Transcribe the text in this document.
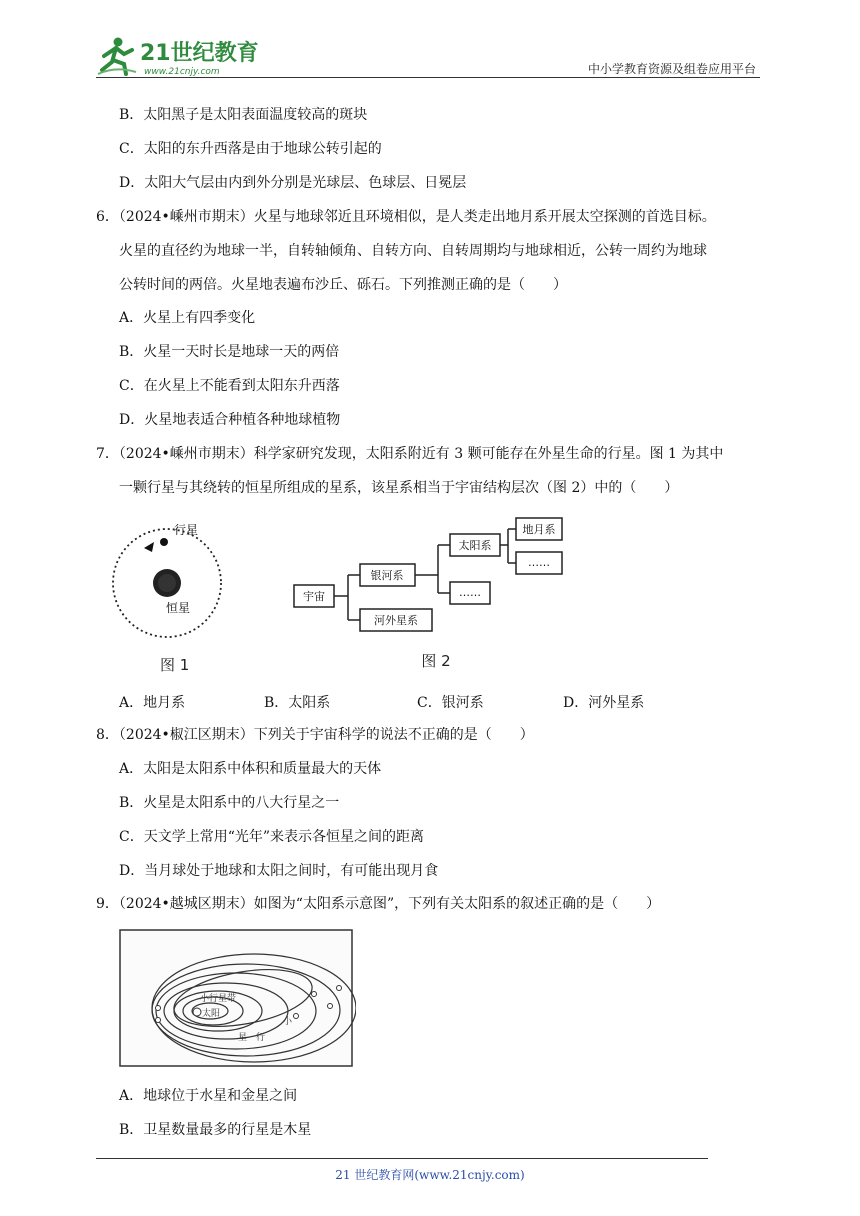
21世纪教育
www.21cnjy.com	中小学教育资源及组卷应用平台
B．太阳黑子是太阳表面温度较高的斑块
C．太阳的东升西落是由于地球公转引起的
D．太阳大气层由内到外分别是光球层、色球层、日冕层
6．（2024•嵊州市期末）火星与地球邻近且环境相似，是人类走出地月系开展太空探测的首选目标。
火星的直径约为地球一半，自转轴倾角、自转方向、自转周期均与地球相近，公转一周约为地球
公转时间的两倍。火星地表遍布沙丘、砾石。下列推测正确的是（　　）
A．火星上有四季变化
B．火星一天时长是地球一天的两倍
C．在火星上不能看到太阳东升西落
D．火星地表适合种植各种地球植物
7．（2024•嵊州市期末）科学家研究发现，太阳系附近有 3 颗可能存在外星生命的行星。图 1 为其中
一颗行星与其绕转的恒星所组成的星系，该星系相当于宇宙结构层次（图 2）中的（　　）
行星
恒星
图 1
宇宙
银河系
河外星系
太阳系
……
地月系
……
图 2
A．地月系	B．太阳系	C．银河系	D．河外星系
8．（2024•椒江区期末）下列关于宇宙科学的说法不正确的是（　　）
A．太阳是太阳系中体积和质量最大的天体
B．火星是太阳系中的八大行星之一
C．天文学上常用“光年”来表示各恒星之间的距离
D．当月球处于地球和太阳之间时，有可能出现月食
9．（2024•越城区期末）如图为“太阳系示意图”，下列有关太阳系的叙述正确的是（　　）
太阳
小行星带
小
星 行
A．地球位于水星和金星之间
B．卫星数量最多的行星是木星
21 世纪教育网(www.21cnjy.com)
